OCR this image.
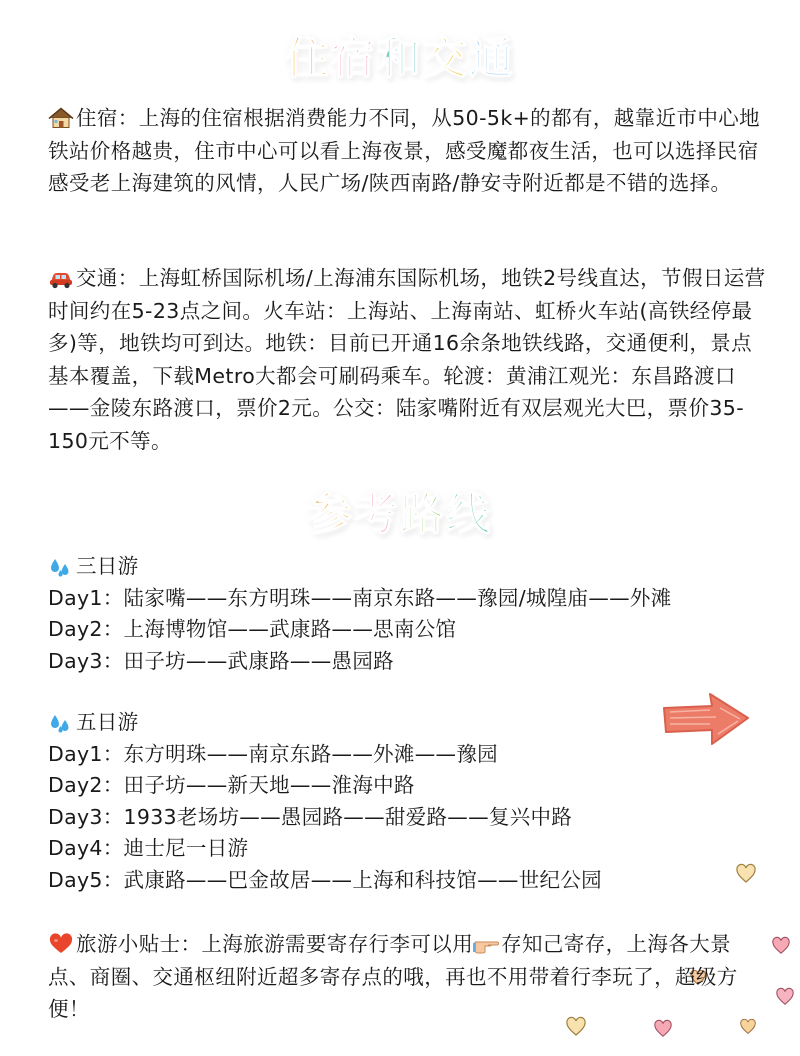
住宿和交通
住宿：上海的住宿根据消费能力不同，从50-5k+的都有，越靠近市中心地铁站价格越贵，住市中心可以看上海夜景，感受魔都夜生活，也可以选择民宿感受老上海建筑的风情，人民广场/陕西南路/静安寺附近都是不错的选择。
交通：上海虹桥国际机场/上海浦东国际机场，地铁2号线直达，节假日运营时间约在5-23点之间。火车站：上海站、上海南站、虹桥火车站(高铁经停最多)等，地铁均可到达。地铁：目前已开通16余条地铁线路，交通便利，景点基本覆盖，下载Metro大都会可刷码乘车。轮渡：黄浦江观光：东昌路渡口——金陵东路渡口，票价2元。公交：陆家嘴附近有双层观光大巴，票价35-150元不等。
参考路线
三日游
Day1：陆家嘴——东方明珠——南京东路——豫园/城隍庙——外滩
Day2：上海博物馆——武康路——思南公馆
Day3：田子坊——武康路——愚园路
五日游
Day1：东方明珠——南京东路——外滩——豫园
Day2：田子坊——新天地——淮海中路
Day3：1933老场坊——愚园路——甜爱路——复兴中路
Day4：迪士尼一日游
Day5：武康路——巴金故居——上海和科技馆——世纪公园
旅游小贴士：上海旅游需要寄存行李可以用 存知己寄存，上海各大景点、商圈、交通枢纽附近超多寄存点的哦，再也不用带着行李玩了，超级方便！
